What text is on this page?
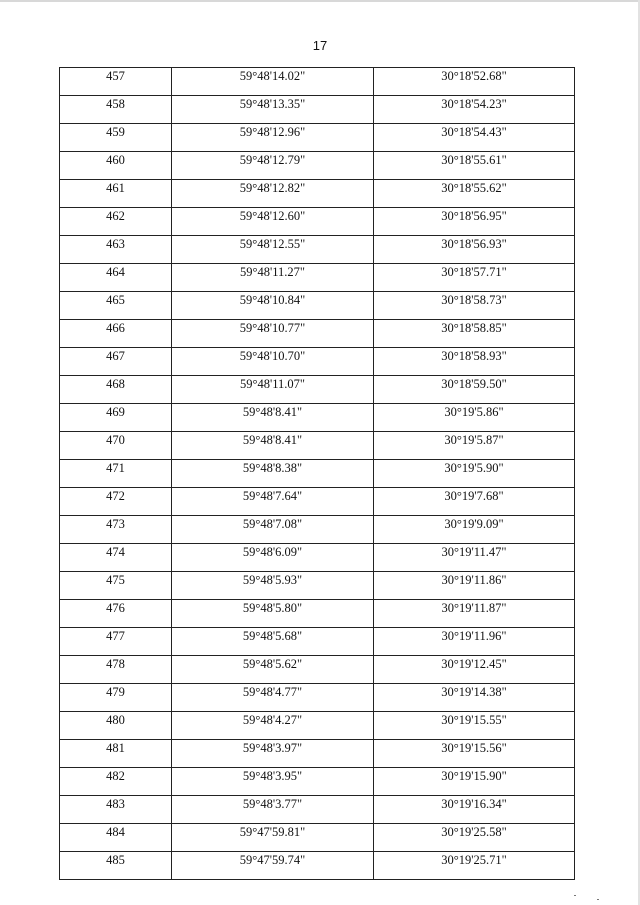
17
457	59°48'14.02"	30°18'52.68"
458	59°48'13.35"	30°18'54.23"
459	59°48'12.96"	30°18'54.43"
460	59°48'12.79"	30°18'55.61"
461	59°48'12.82"	30°18'55.62"
462	59°48'12.60"	30°18'56.95"
463	59°48'12.55"	30°18'56.93"
464	59°48'11.27"	30°18'57.71"
465	59°48'10.84"	30°18'58.73"
466	59°48'10.77"	30°18'58.85"
467	59°48'10.70"	30°18'58.93"
468	59°48'11.07"	30°18'59.50"
469	59°48'8.41"	30°19'5.86"
470	59°48'8.41"	30°19'5.87"
471	59°48'8.38"	30°19'5.90"
472	59°48'7.64"	30°19'7.68"
473	59°48'7.08"	30°19'9.09"
474	59°48'6.09"	30°19'11.47"
475	59°48'5.93"	30°19'11.86"
476	59°48'5.80"	30°19'11.87"
477	59°48'5.68"	30°19'11.96"
478	59°48'5.62"	30°19'12.45"
479	59°48'4.77"	30°19'14.38"
480	59°48'4.27"	30°19'15.55"
481	59°48'3.97"	30°19'15.56"
482	59°48'3.95"	30°19'15.90"
483	59°48'3.77"	30°19'16.34"
484	59°47'59.81"	30°19'25.58"
485	59°47'59.74"	30°19'25.71"
